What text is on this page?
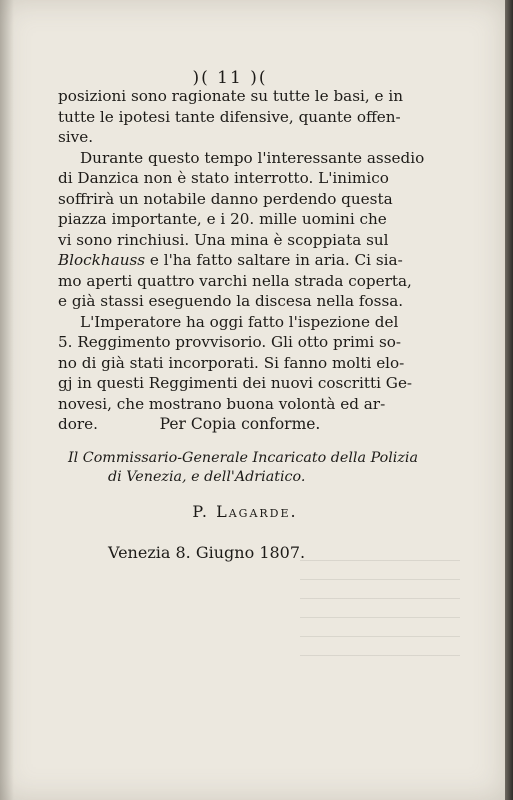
)( 11 )(
posizioni sono ragionate su tutte le basi, e in
tutte le ipotesi tante difensive, quante offen-
sive.
Durante questo tempo l'interessante assedio
di Danzica non è stato interrotto. L'inimico
soffrirà un notabile danno perdendo questa
piazza importante, e i 20. mille uomini che
vi sono rinchiusi. Una mina è scoppiata sul
Blockhauss e l'ha fatto saltare in aria. Ci sia-
mo aperti quattro varchi nella strada coperta,
e già stassi eseguendo la discesa nella fossa.
L'Imperatore ha oggi fatto l'ispezione del
5. Reggimento provvisorio. Gli otto primi so-
no di già stati incorporati. Si fanno molti elo-
gj in questi Reggimenti dei nuovi coscritti Ge-
novesi, che mostrano buona volontà ed ar-
dore.	Per Copia conforme.
Il Commissario-Generale Incaricato della Polizia
di Venezia, e dell'Adriatico.
P. Lagarde.
Venezia 8. Giugno 1807.
